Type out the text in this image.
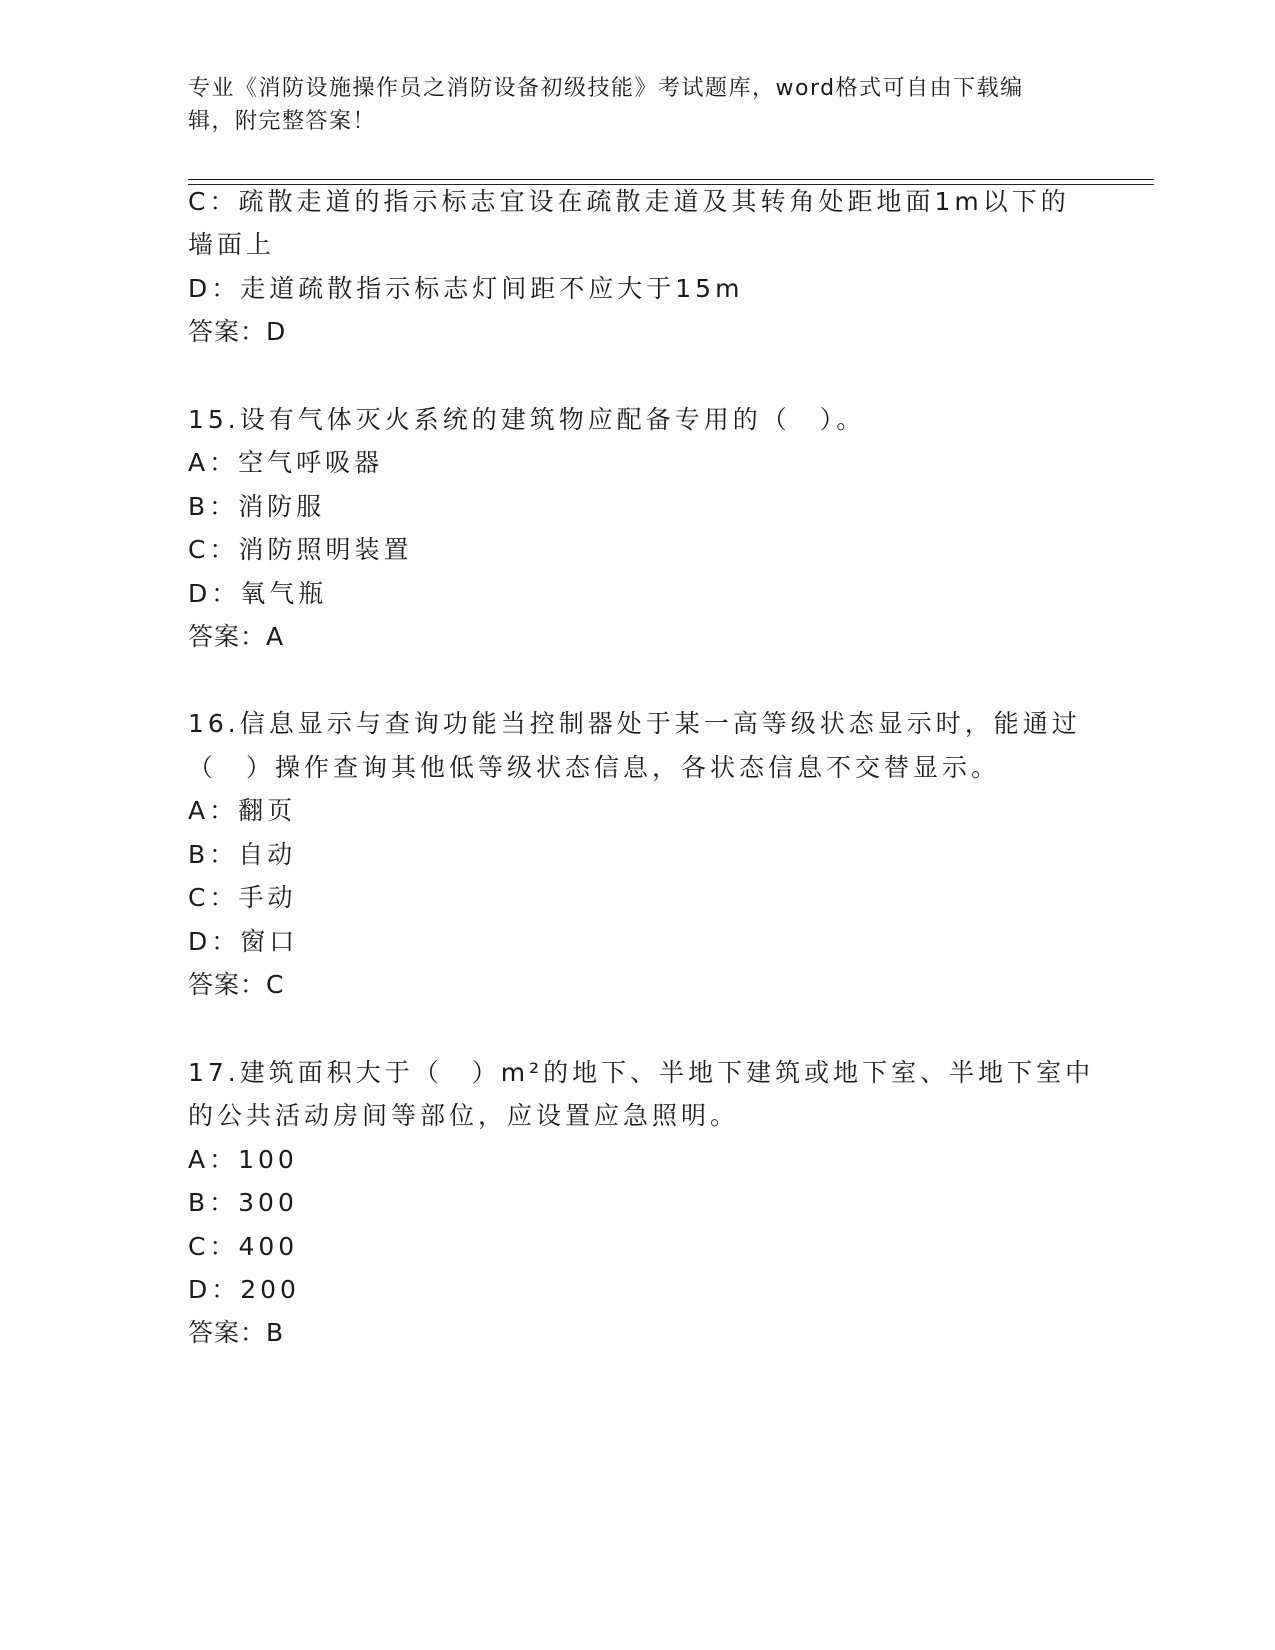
专业《消防设施操作员之消防设备初级技能》考试题库，word格式可自由下载编辑，附完整答案！
C：疏散走道的指示标志宜设在疏散走道及其转角处距地面1m以下的
墙面上
D：走道疏散指示标志灯间距不应大于15m
答案：D
15.设有气体灭火系统的建筑物应配备专用的（　）。
A：空气呼吸器
B：消防服
C：消防照明装置
D：氧气瓶
答案：A
16.信息显示与查询功能当控制器处于某一高等级状态显示时，能通过
（　）操作查询其他低等级状态信息，各状态信息不交替显示。
A：翻页
B：自动
C：手动
D：窗口
答案：C
17.建筑面积大于（　）m²的地下、半地下建筑或地下室、半地下室中
的公共活动房间等部位，应设置应急照明。
A：100
B：300
C：400
D：200
答案：B
